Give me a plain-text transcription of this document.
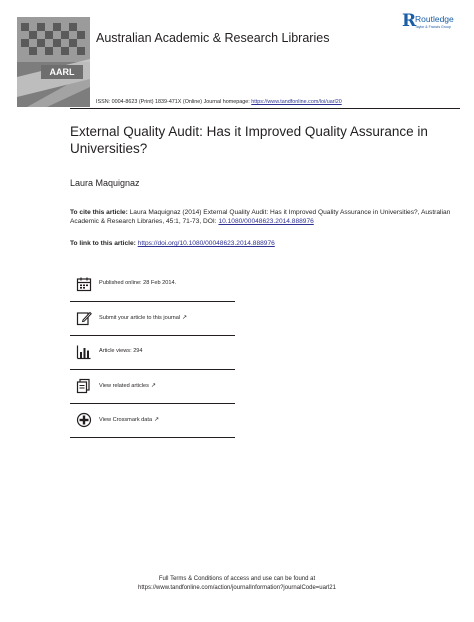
AARL
Australian Academic & Research Libraries
R
Routledge
Taylor & Francis Group
ISSN: 0004-8623 (Print) 1839-471X (Online) Journal homepage: https://www.tandfonline.com/loi/uarl20
External Quality Audit: Has it Improved Quality Assurance in Universities?
Laura Maquignaz
To cite this article: Laura Maquignaz (2014) External Quality Audit: Has it Improved Quality Assurance in Universities?, Australian Academic & Research Libraries, 45:1, 71-73, DOI: 10.1080/00048623.2014.888976
To link to this article: https://doi.org/10.1080/00048623.2014.888976
Published online: 28 Feb 2014.
Submit your article to this journal ↗
Article views: 294
View related articles ↗
View Crossmark data ↗
Full Terms & Conditions of access and use can be found at
https://www.tandfonline.com/action/journalInformation?journalCode=uarl21
